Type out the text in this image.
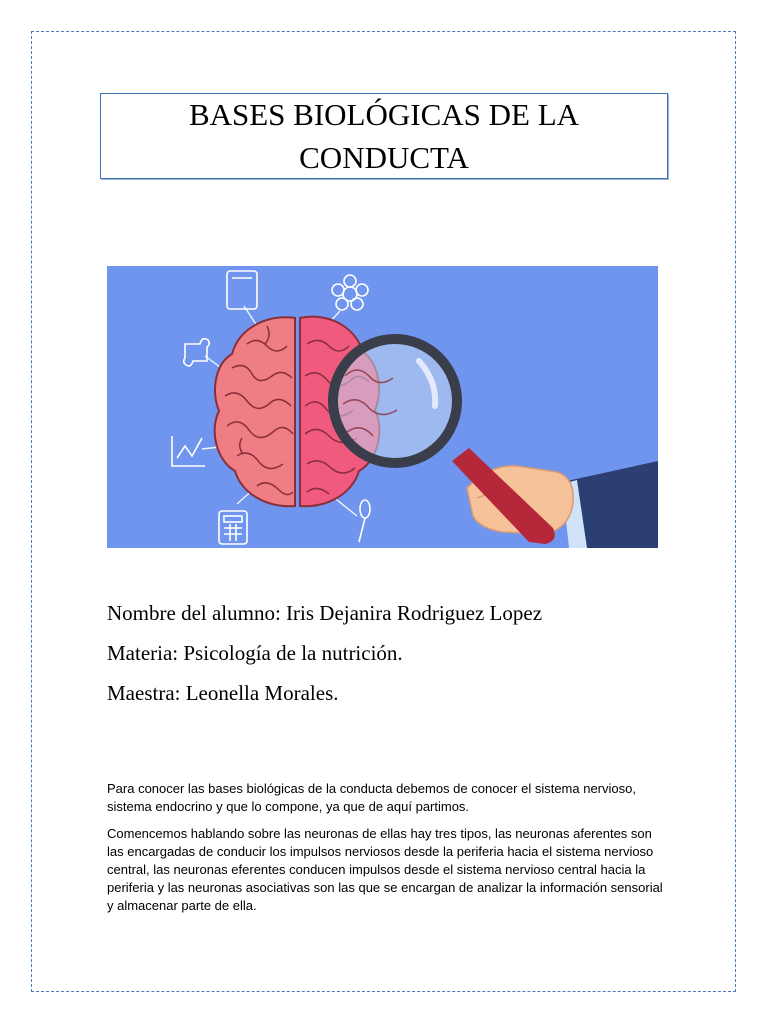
BASES BIOLÓGICAS DE LA CONDUCTA
Nombre del alumno: Iris Dejanira Rodriguez Lopez
Materia: Psicología de la nutrición.
Maestra: Leonella Morales.

Para conocer las bases biológicas de la conducta debemos de conocer el sistema nervioso, sistema endocrino y que lo compone, ya que de aquí partimos.

Comencemos hablando sobre las neuronas de ellas hay tres tipos, las neuronas aferentes son las encargadas de conducir los impulsos nerviosos desde la periferia hacia el sistema nervioso central, las neuronas eferentes conducen impulsos desde el sistema nervioso central hacia la periferia y las neuronas asociativas son las que se encargan de analizar la información sensorial y almacenar parte de ella.
